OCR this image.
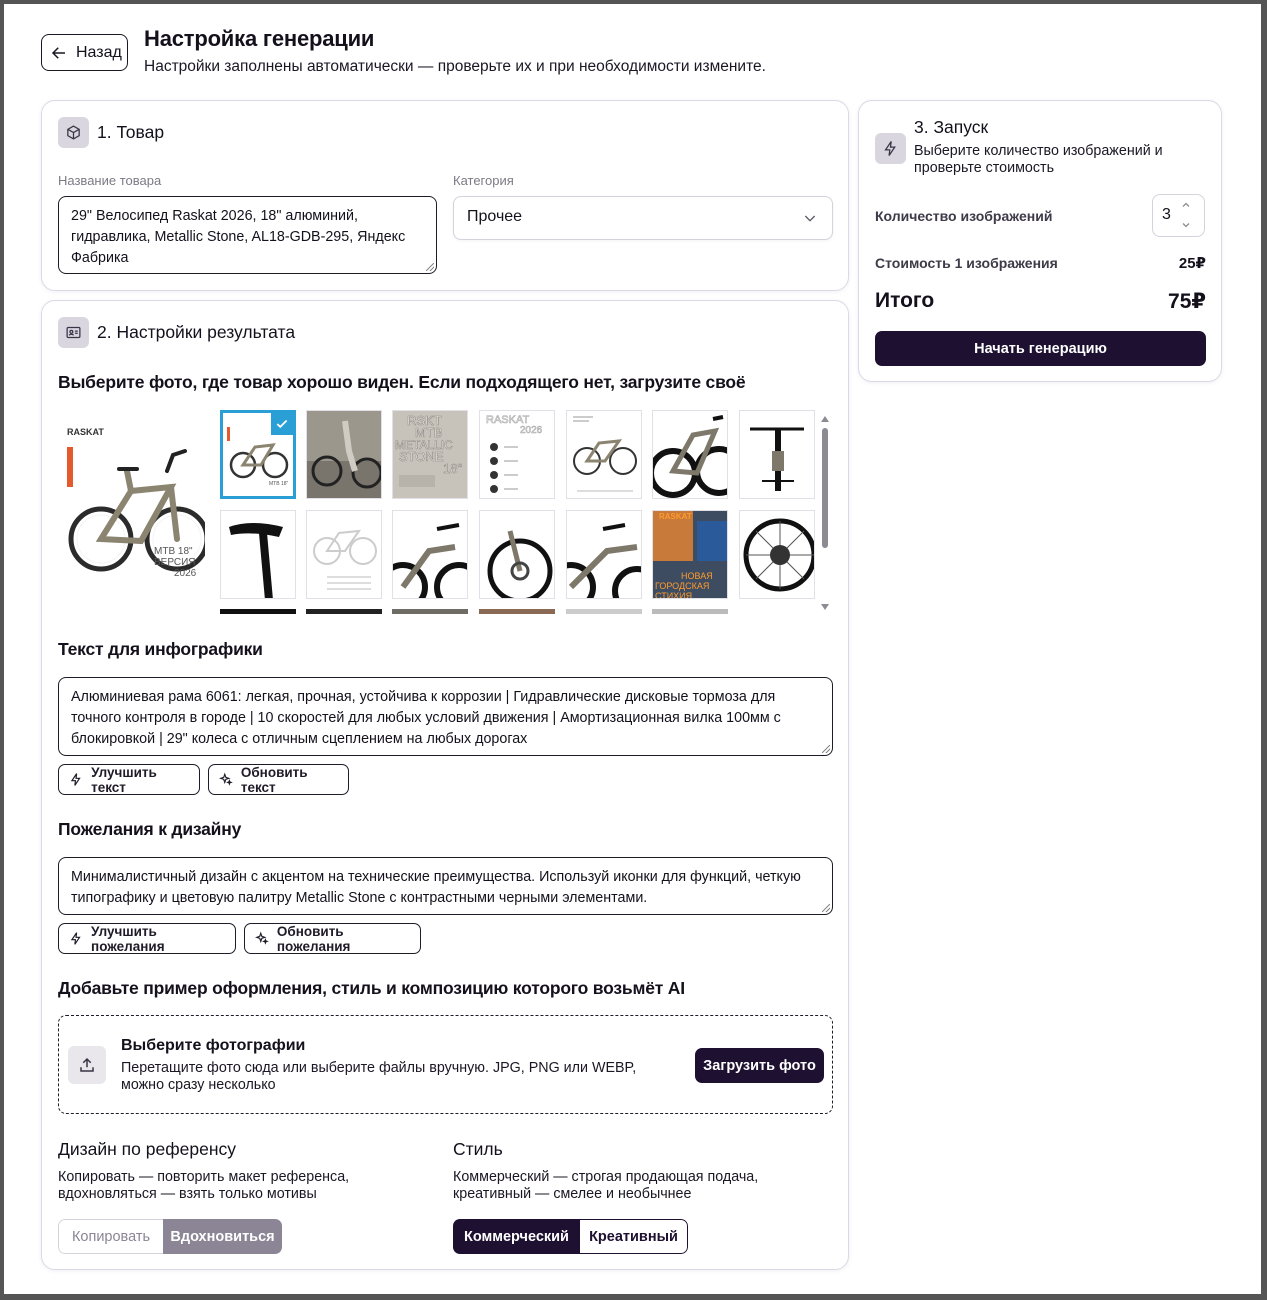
Назад
Настройка генерации
Настройки заполнены автоматически — проверьте их и при необходимости измените.
1. Товар
Название товара
29" Велосипед Raskat 2026, 18" алюминий, гидравлика, Metallic Stone, AL18-GDB-295, Яндекс Фабрика
Категория
Прочее
2. Настройки результата
Выберите фото, где товар хорошо виден. Если подходящего нет, загрузите своё
RASKAT
MTB 18"
ВЕРСИЯ
2026
MTB 18"
RSKT
MTB
METALLIC
STONE
18"
RASKAT
2026
RASKAT
НОВАЯ
ГОРОДСКАЯ
СТИХИЯ
Текст для инфографики
Алюминиевая рама 6061: легкая, прочная, устойчива к коррозии | Гидравлические дисковые тормоза для точного контроля в городе | 10 скоростей для любых условий движения | Амортизационная вилка 100мм с блокировкой | 29" колеса с отличным сцеплением на любых дорогах
Улучшить текст
Обновить текст
Пожелания к дизайну
Минималистичный дизайн с акцентом на технические преимущества. Используй иконки для функций, четкую типографику и цветовую палитру Metallic Stone с контрастными черными элементами.
Улучшить пожелания
Обновить пожелания
Добавьте пример оформления, стиль и композицию которого возьмёт AI
Выберите фотографии
Перетащите фото сюда или выберите файлы вручную. JPG, PNG или WEBP, можно сразу несколько
Загрузить фото
Дизайн по референсу
Копировать — повторить макет референса, вдохновляться — взять только мотивы
Копировать	Вдохновиться
Стиль
Коммерческий — строгая продающая подача, креативный — смелее и необычнее
Коммерческий	Креативный
3. Запуск
Выберите количество изображений и проверьте стоимость
Количество изображений	3
Стоимость 1 изображения	25₽
Итого	75₽
Начать генерацию
